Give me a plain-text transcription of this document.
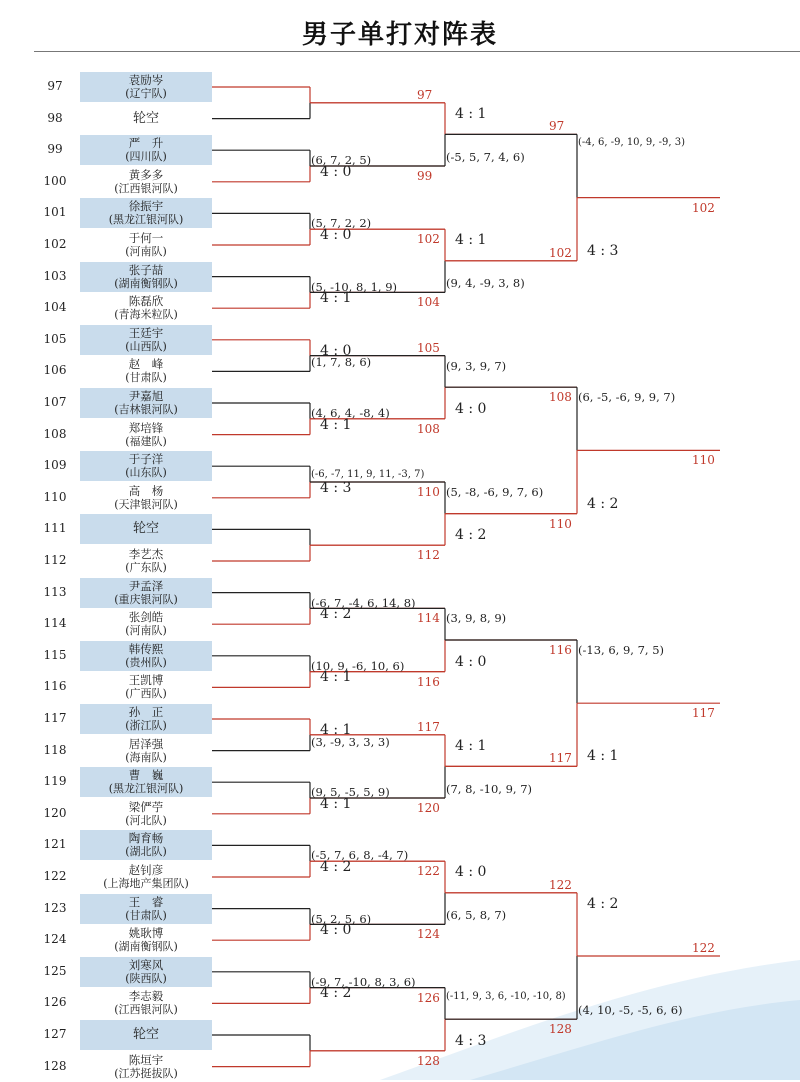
男子单打对阵表
97	袁励岑
(辽宁队)
98	轮空
99	严　升
(四川队)
100	黄多多
(江西银河队)
101	徐振宇
(黑龙江银河队)
102	于何一
(河南队)
103	张子喆
(湖南衡钢队)
104	陈磊欣
(青海米粒队)
105	王廷宇
(山西队)
106	赵　峰
(甘肃队)
107	尹嘉旭
(吉林银河队)
108	郑培锋
(福建队)
109	于子洋
(山东队)
110	高　杨
(天津银河队)
111	轮空
112	李艺杰
(广东队)
113	尹孟泽
(重庆银河队)
114	张剑皓
(河南队)
115	韩传熙
(贵州队)
116	王凯博
(广西队)
117	孙　正
(浙江队)
118	居泽强
(海南队)
119	曹　巍
(黑龙江银河队)
120	梁俨苧
(河北队)
121	陶育畅
(湖北队)
122	赵钊彦
(上海地产集团队)
123	王　睿
(甘肃队)
124	姚耿博
(湖南衡钢队)
125	刘寒风
(陕西队)
126	李志毅
(江西银河队)
127	轮空
128	陈垣宇
(江苏挺拔队)
97
4 : 0
(6, 7, 2, 5)
99
4 : 0
(5, 7, 2, 2)
102
4 : 1
(5, -10, 8, 1, 9)
104
4 : 0
(1, 7, 8, 6)
105
4 : 1
(4, 6, 4, -8, 4)
108
4 : 3
(-6, -7, 11, 9, 11, -3, 7)
110
112
4 : 2
(-6, 7, -4, 6, 14, 8)
114
4 : 1
(10, 9, -6, 10, 6)
116
4 : 1
(3, -9, 3, 3, 3)
117
4 : 1
(9, 5, -5, 5, 9)
120
4 : 2
(-5, 7, 6, 8, -4, 7)
122
4 : 0
(5, 2, 5, 6)
124
4 : 2
(-9, 7, -10, 8, 3, 6)
126
128
4 : 1
(-5, 5, 7, 4, 6)
97
4 : 1
(9, 4, -9, 3, 8)
102
4 : 0
(9, 3, 9, 7)
108
4 : 2
(5, -8, -6, 9, 7, 6)
110
4 : 0
(3, 9, 8, 9)
116
4 : 1
(7, 8, -10, 9, 7)
117
4 : 0
(6, 5, 8, 7)
122
4 : 3
(-11, 9, 3, 6, -10, -10, 8)
128
4 : 3
(-4, 6, -9, 10, 9, -9, 3)
102
4 : 2
(6, -5, -6, 9, 9, 7)
110
4 : 1
(-13, 6, 9, 7, 5)
117
4 : 2
(4, 10, -5, -5, 6, 6)
122
